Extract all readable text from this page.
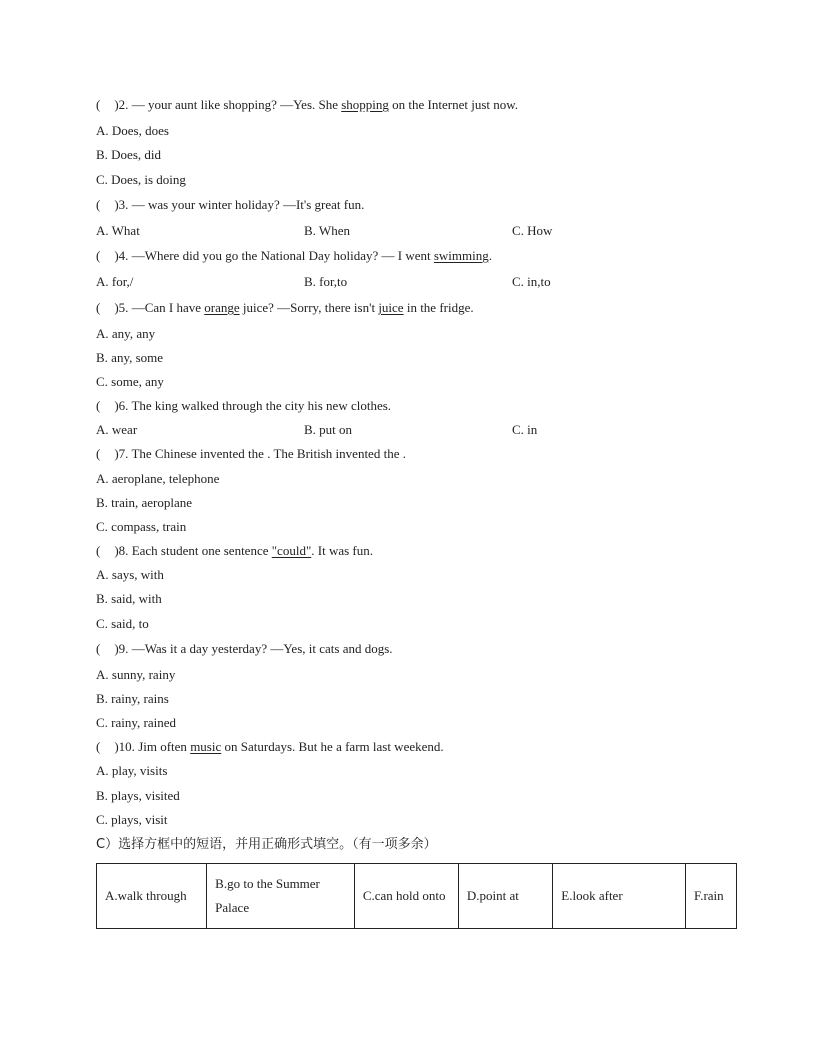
( )2. — your aunt like shopping? —Yes. She shopping on the Internet just now.
A. Does, does
B. Does, did
C. Does, is doing
( )3. — was your winter holiday? —It's great fun.
A. What	B. When	C. How
( )4. —Where did you go the National Day holiday? — I went swimming.
A. for,/	B. for,to	C. in,to
( )5. —Can I have orange juice? —Sorry, there isn't juice in the fridge.
A. any, any
B. any, some
C. some, any
( )6. The king walked through the city his new clothes.
A. wear	B. put on	C. in
( )7. The Chinese invented the . The British invented the .
A. aeroplane, telephone
B. train, aeroplane
C. compass, train
( )8. Each student one sentence "could". It was fun.
A. says, with
B. said, with
C. said, to
( )9. —Was it a day yesterday? —Yes, it cats and dogs.
A. sunny, rainy
B. rainy, rains
C. rainy, rained
( )10. Jim often music on Saturdays. But he a farm last weekend.
A. play, visits
B. plays, visited
C. plays, visit
C）选择方框中的短语，并用正确形式填空。（有一项多余）
A.walk through	B.go to the Summer Palace	C.can hold onto	D.point at	E.look after	F.rain
